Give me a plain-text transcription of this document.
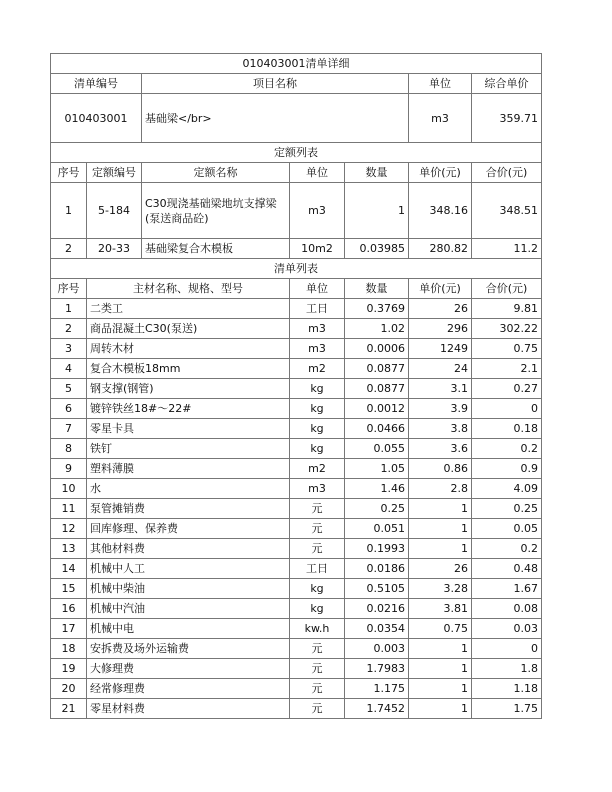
010403001清单详细						
清单编号		项目名称			单位	综合单价
010403001		基础梁</br>			m3	359.71
定额列表						
序号	定额编号	定额名称	单位	数量	单价(元)	合价(元)
1	5-184	C30现浇基础梁地坑支撑梁(泵送商品砼)	m3	1	348.16	348.51
2	20-33	基础梁复合木模板	10m2	0.03985	280.82	11.2
清单列表						
序号	主材名称、规格、型号		单位	数量	单价(元)	合价(元)
1	二类工		工日	0.3769	26	9.81
2	商品混凝土C30(泵送)		m3	1.02	296	302.22
3	周转木材		m3	0.0006	1249	0.75
4	复合木模板18mm		m2	0.0877	24	2.1
5	钢支撑(钢管)		kg	0.0877	3.1	0.27
6	镀锌铁丝18#～22#		kg	0.0012	3.9	0
7	零星卡具		kg	0.0466	3.8	0.18
8	铁钉		kg	0.055	3.6	0.2
9	塑料薄膜		m2	1.05	0.86	0.9
10	水		m3	1.46	2.8	4.09
11	泵管摊销费		元	0.25	1	0.25
12	回库修理、保养费		元	0.051	1	0.05
13	其他材料费		元	0.1993	1	0.2
14	机械中人工		工日	0.0186	26	0.48
15	机械中柴油		kg	0.5105	3.28	1.67
16	机械中汽油		kg	0.0216	3.81	0.08
17	机械中电		kw.h	0.0354	0.75	0.03
18	安拆费及场外运输费		元	0.003	1	0
19	大修理费		元	1.7983	1	1.8
20	经常修理费		元	1.175	1	1.18
21	零星材料费		元	1.7452	1	1.75
